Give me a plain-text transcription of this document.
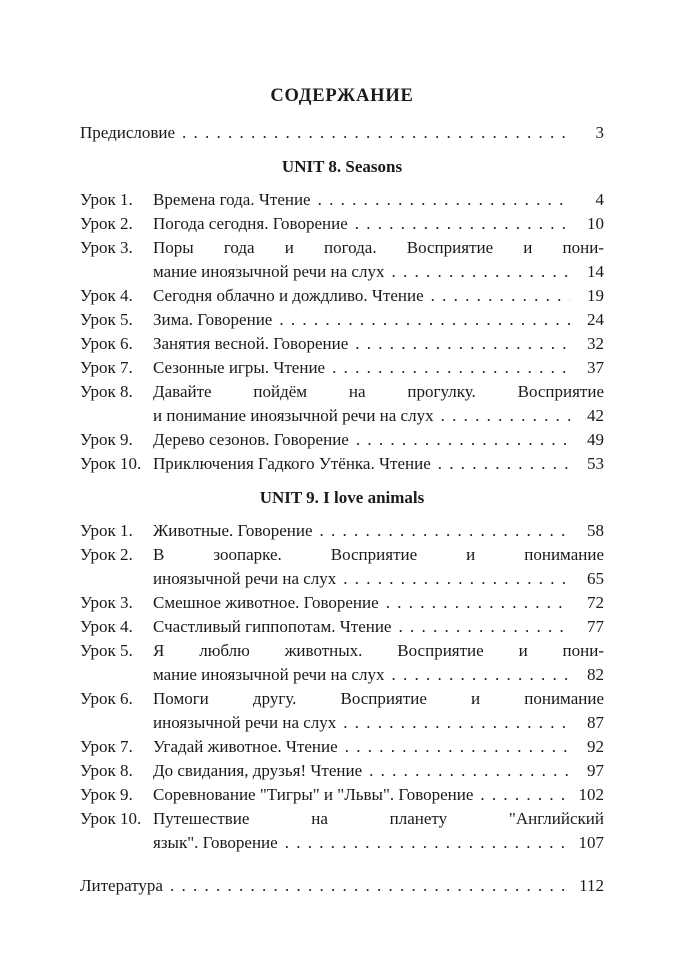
СОДЕРЖАНИЕ
Предисловие . . .	3
UNIT 8. Seasons
Урок 1.	Времена года. Чтение . . .	4
Урок 2.	Погода сегодня. Говорение . . .	10
Урок 3.	Поры года и погода. Восприятие и пони-
мание иноязычной речи на слух . . .	14
Урок 4.	Сегодня облачно и дождливо. Чтение . . .	19
Урок 5.	Зима. Говорение . . .	24
Урок 6.	Занятия весной. Говорение . . .	32
Урок 7.	Сезонные игры. Чтение . . .	37
Урок 8.	Давайте пойдём на прогулку. Восприятие
и понимание иноязычной речи на слух . . .	42
Урок 9.	Дерево сезонов. Говорение . . .	49
Урок 10. Приключения Гадкого Утёнка. Чтение . . .	53
UNIT 9. I love animals
Урок 1.	Животные. Говорение . . .	58
Урок 2.	В зоопарке. Восприятие и понимание
иноязычной речи на слух . . .	65
Урок 3.	Смешное животное. Говорение . . .	72
Урок 4.	Счастливый гиппопотам. Чтение . . .	77
Урок 5.	Я люблю животных. Восприятие и пони-
мание иноязычной речи на слух . . .	82
Урок 6.	Помоги другу. Восприятие и понимание
иноязычной речи на слух . . .	87
Урок 7.	Угадай животное. Чтение . . .	92
Урок 8.	До свидания, друзья! Чтение . . .	97
Урок 9.	Соревнование "Тигры" и "Львы". Говорение . . .	102
Урок 10. Путешествие на планету "Английский
язык". Говорение . . .	107
Литература . . .	112
